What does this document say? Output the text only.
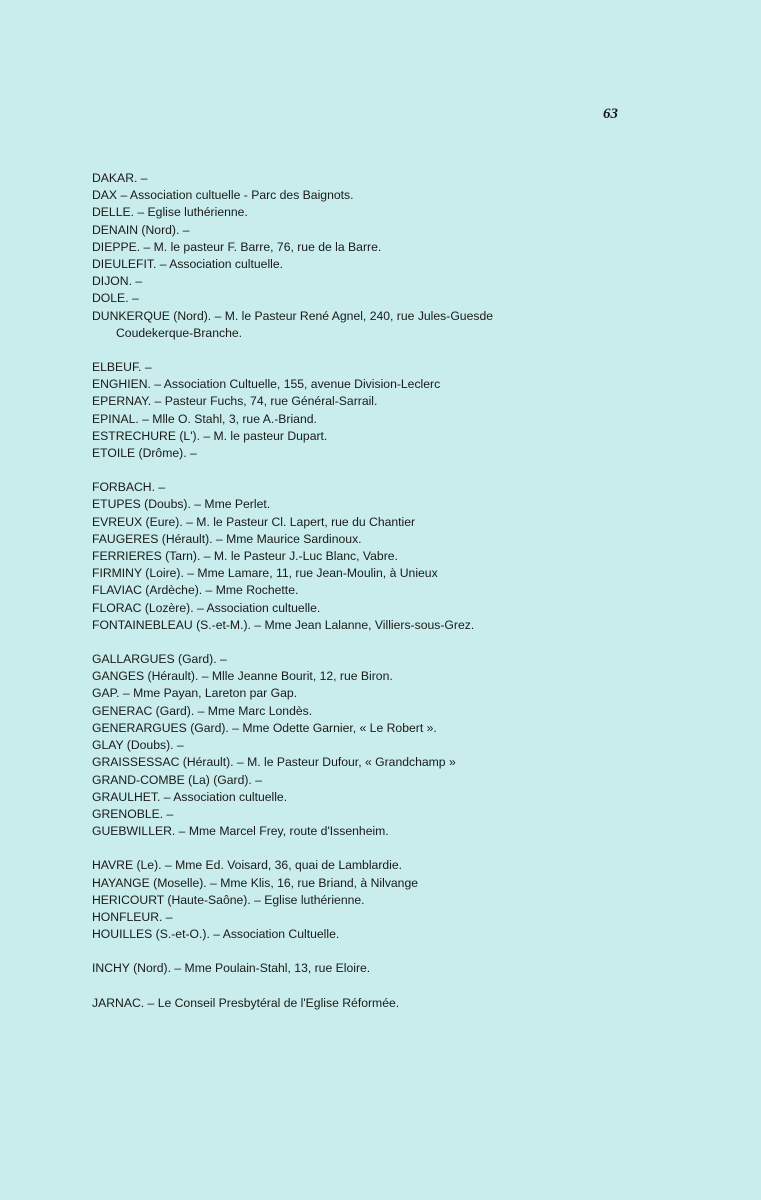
63
DAKAR. –
DAX – Association cultuelle - Parc des Baignots.
DELLE. – Eglise luthérienne.
DENAIN (Nord). –
DIEPPE. – M. le pasteur F. Barre, 76, rue de la Barre.
DIEULEFIT. – Association cultuelle.
DIJON. –
DOLE. –
DUNKERQUE (Nord). – M. le Pasteur René Agnel, 240, rue Jules-Guesde
Coudekerque-Branche.
ELBEUF. –
ENGHIEN. – Association Cultuelle, 155, avenue Division-Leclerc
EPERNAY. – Pasteur Fuchs, 74, rue Général-Sarrail.
EPINAL. – Mlle O. Stahl, 3, rue A.-Briand.
ESTRECHURE (L'). – M. le pasteur Dupart.
ETOILE (Drôme). –
FORBACH. –
ETUPES (Doubs). – Mme Perlet.
EVREUX (Eure). – M. le Pasteur Cl. Lapert, rue du Chantier
FAUGERES (Hérault). – Mme Maurice Sardinoux.
FERRIERES (Tarn). – M. le Pasteur J.-Luc Blanc, Vabre.
FIRMINY (Loire). – Mme Lamare, 11, rue Jean-Moulin, à Unieux
FLAVIAC (Ardèche). – Mme Rochette.
FLORAC (Lozère). – Association cultuelle.
FONTAINEBLEAU (S.-et-M.). – Mme Jean Lalanne, Villiers-sous-Grez.
GALLARGUES (Gard). –
GANGES (Hérault). – Mlle Jeanne Bourit, 12, rue Biron.
GAP. – Mme Payan, Lareton par Gap.
GENERAC (Gard). – Mme Marc Londès.
GENERARGUES (Gard). – Mme Odette Garnier, « Le Robert ».
GLAY (Doubs). –
GRAISSESSAC (Hérault). – M. le Pasteur Dufour, « Grandchamp »
GRAND-COMBE (La) (Gard). –
GRAULHET. – Association cultuelle.
GRENOBLE. –
GUEBWILLER. – Mme Marcel Frey, route d'Issenheim.
HAVRE (Le). – Mme Ed. Voisard, 36, quai de Lamblardie.
HAYANGE (Moselle). – Mme Klis, 16, rue Briand, à Nilvange
HERICOURT (Haute-Saône). – Eglise luthérienne.
HONFLEUR. –
HOUILLES (S.-et-O.). – Association Cultuelle.
INCHY (Nord). – Mme Poulain-Stahl, 13, rue Eloire.
JARNAC. – Le Conseil Presbytéral de l'Eglise Réformée.
